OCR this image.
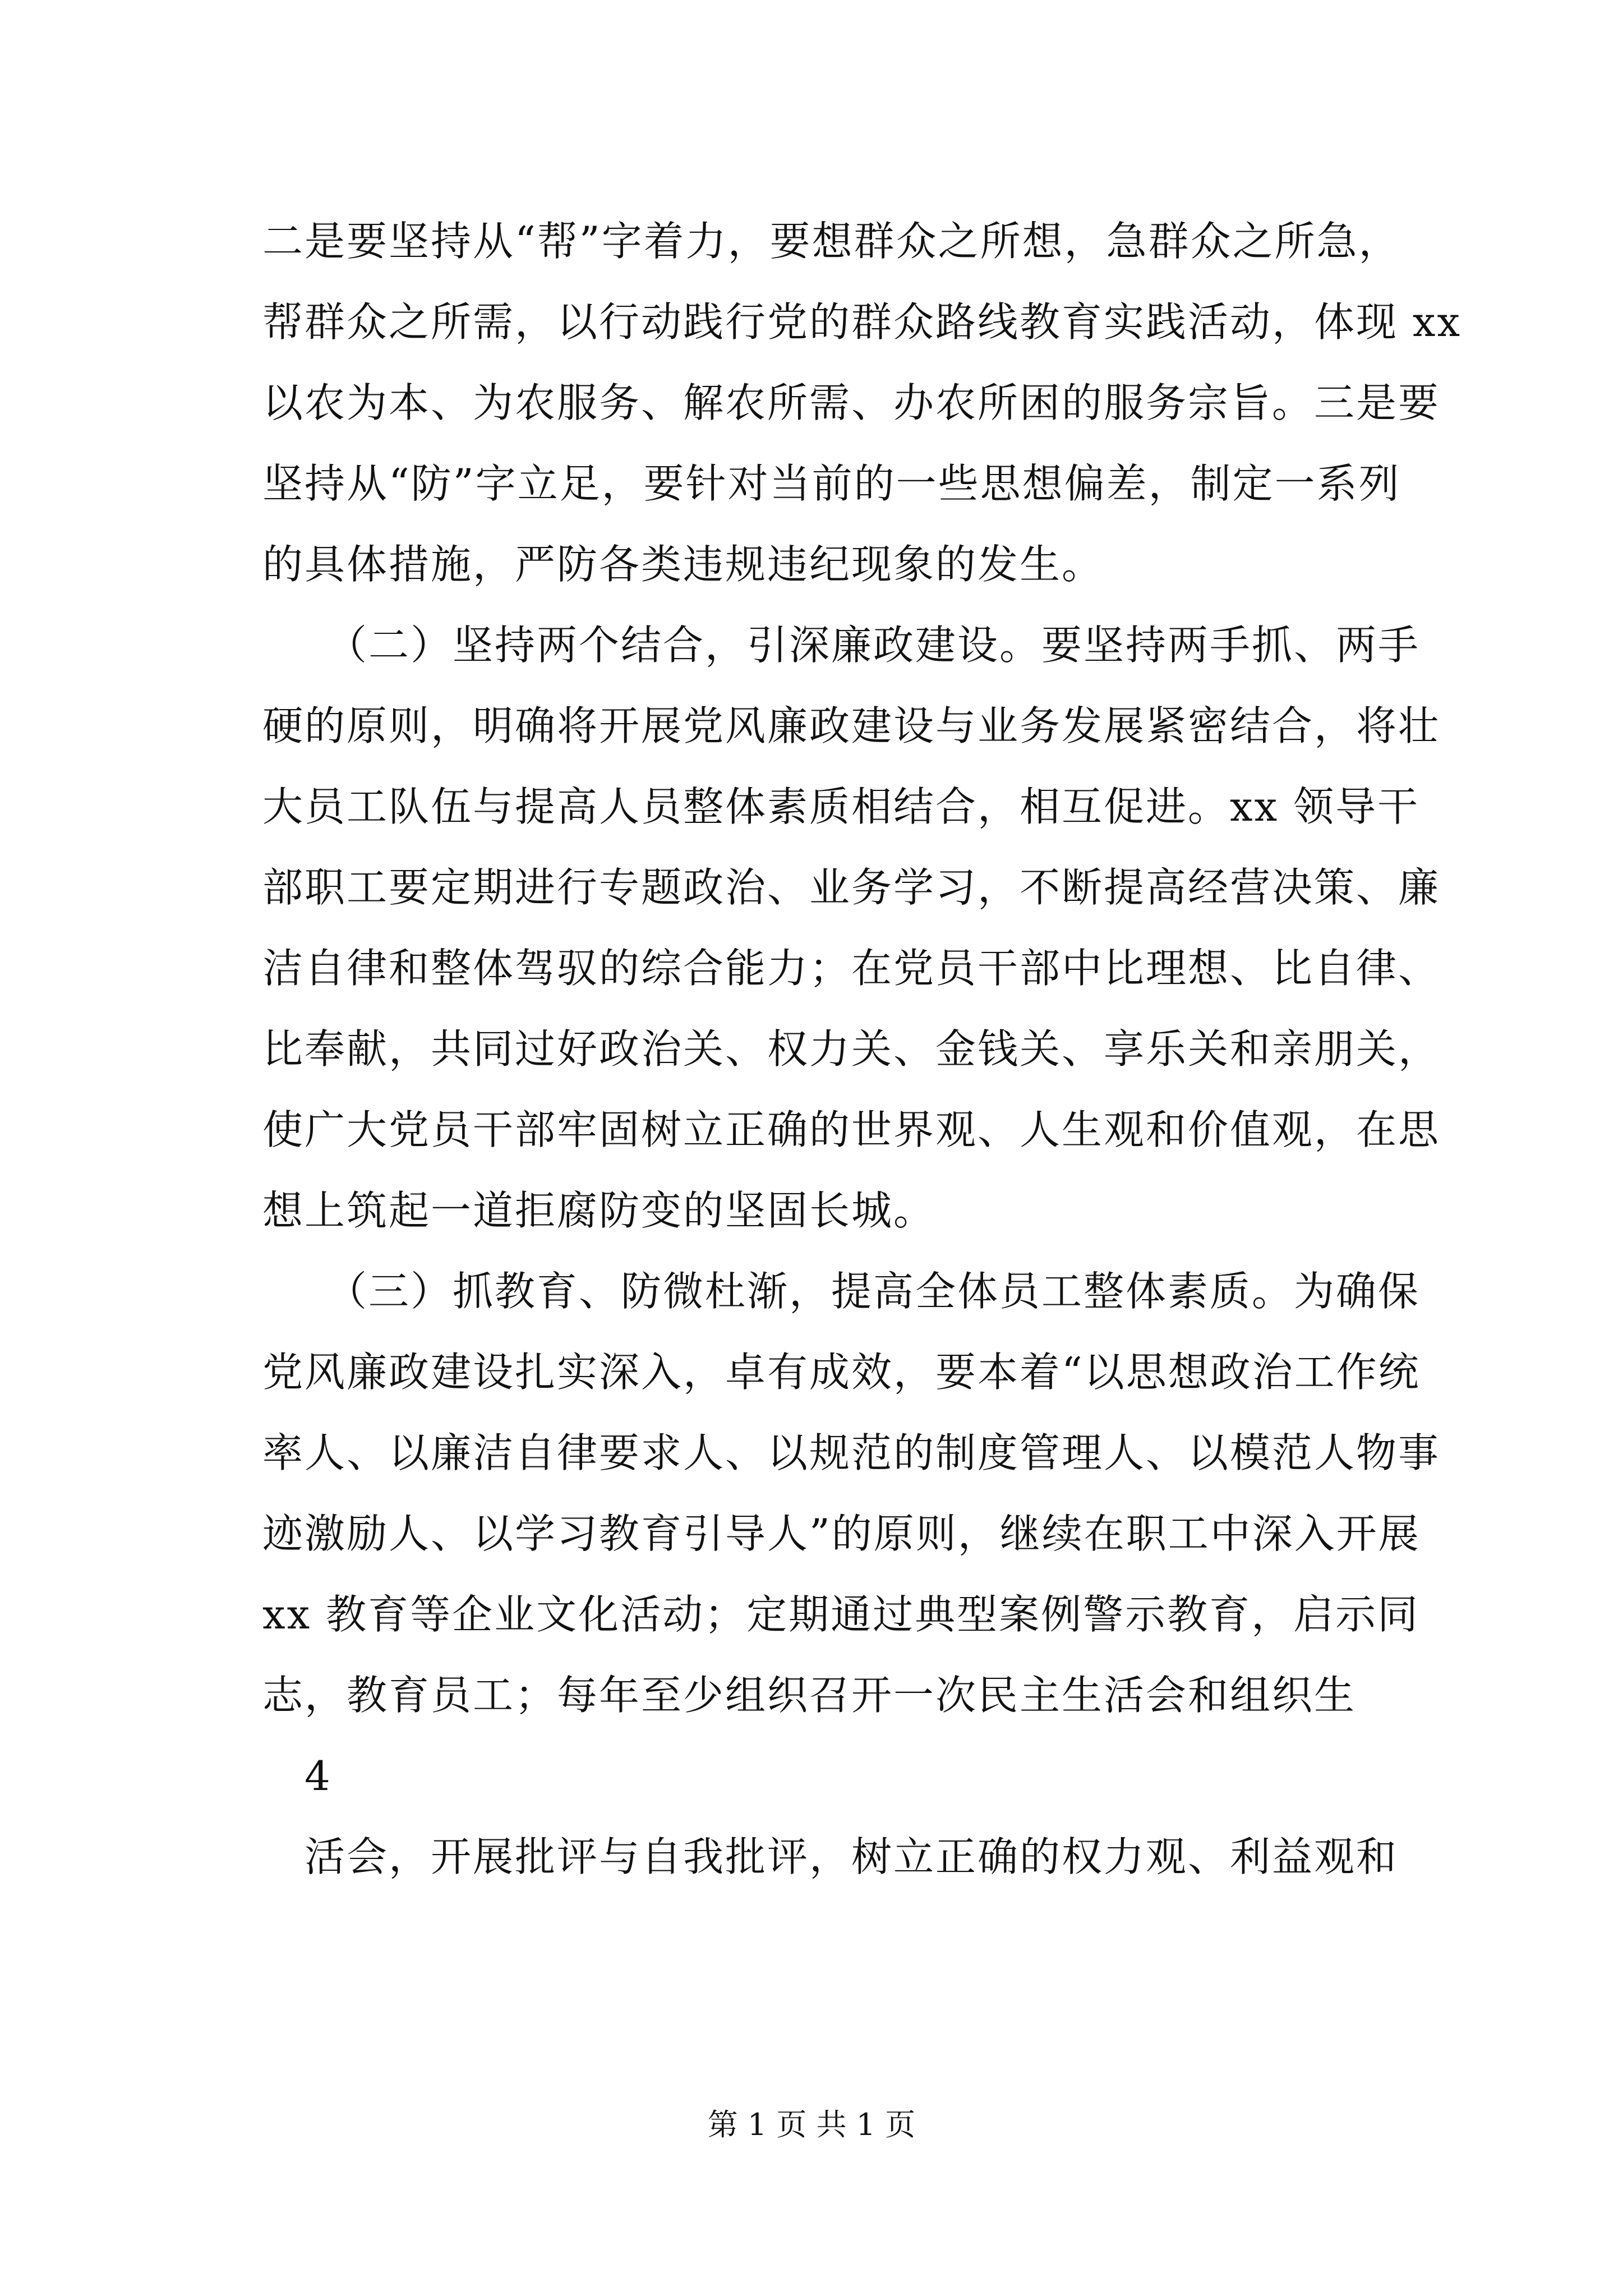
二是要坚持从“帮”字着力，要想群众之所想，急群众之所急，
帮群众之所需，以行动践行党的群众路线教育实践活动，体现 xx
以农为本、为农服务、解农所需、办农所困的服务宗旨。三是要
坚持从“防”字立足，要针对当前的一些思想偏差，制定一系列
的具体措施，严防各类违规违纪现象的发生。
　　（二）坚持两个结合，引深廉政建设。要坚持两手抓、两手
硬的原则，明确将开展党风廉政建设与业务发展紧密结合，将壮
大员工队伍与提高人员整体素质相结合，相互促进。xx 领导干
部职工要定期进行专题政治、业务学习，不断提高经营决策、廉
洁自律和整体驾驭的综合能力；在党员干部中比理想、比自律、
比奉献，共同过好政治关、权力关、金钱关、享乐关和亲朋关，
使广大党员干部牢固树立正确的世界观、人生观和价值观，在思
想上筑起一道拒腐防变的坚固长城。
　　（三）抓教育、防微杜渐，提高全体员工整体素质。为确保
党风廉政建设扎实深入，卓有成效，要本着“以思想政治工作统
率人、以廉洁自律要求人、以规范的制度管理人、以模范人物事
迹激励人、以学习教育引导人”的原则，继续在职工中深入开展
xx 教育等企业文化活动；定期通过典型案例警示教育，启示同
志，教育员工；每年至少组织召开一次民主生活会和组织生
　4
　活会，开展批评与自我批评，树立正确的权力观、利益观和
第 1 页 共 1 页
